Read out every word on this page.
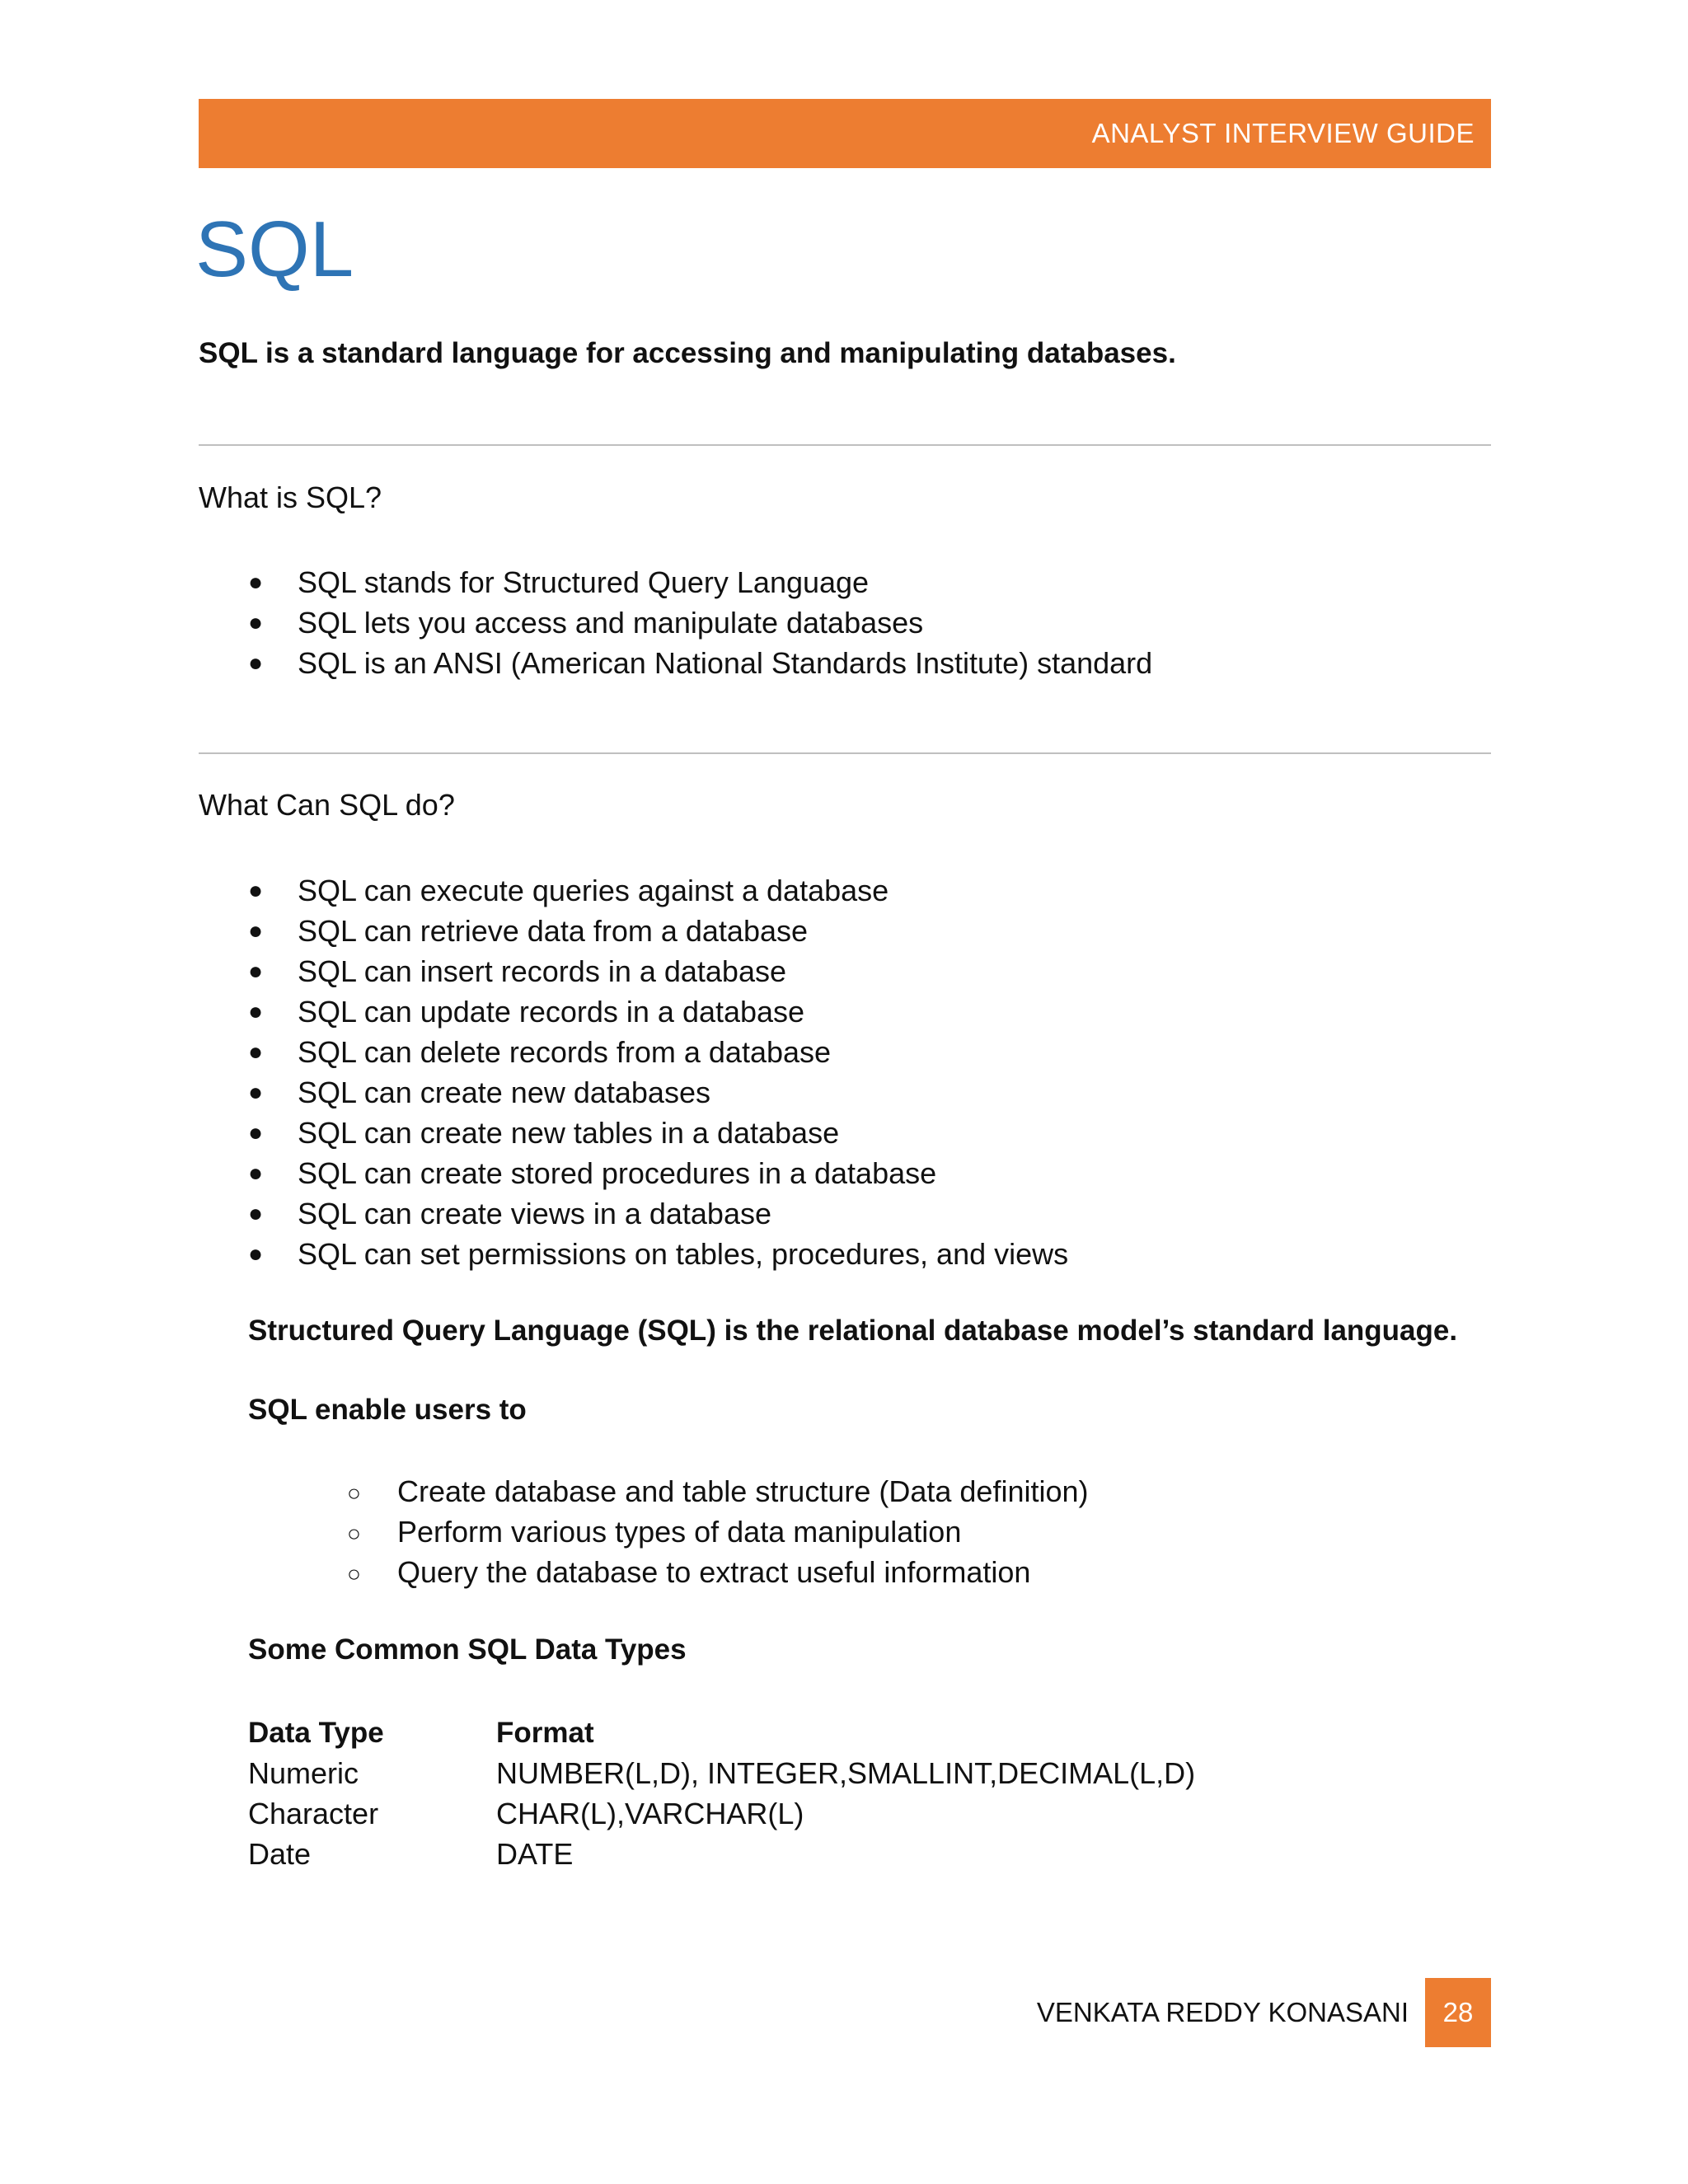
ANALYST INTERVIEW GUIDE
SQL
SQL is a standard language for accessing and manipulating databases.
What is SQL?
● SQL stands for Structured Query Language
● SQL lets you access and manipulate databases
● SQL is an ANSI (American National Standards Institute) standard
What Can SQL do?
● SQL can execute queries against a database
● SQL can retrieve data from a database
● SQL can insert records in a database
● SQL can update records in a database
● SQL can delete records from a database
● SQL can create new databases
● SQL can create new tables in a database
● SQL can create stored procedures in a database
● SQL can create views in a database
● SQL can set permissions on tables, procedures, and views
Structured Query Language (SQL) is the relational database model’s standard language.
SQL enable users to
○ Create database and table structure (Data definition)
○ Perform various types of data manipulation
○ Query the database to extract useful information
Some Common SQL Data Types
Data Type	Format
Numeric	NUMBER(L,D), INTEGER,SMALLINT,DECIMAL(L,D)
Character	CHAR(L),VARCHAR(L)
Date	DATE
VENKATA REDDY KONASANI	28
